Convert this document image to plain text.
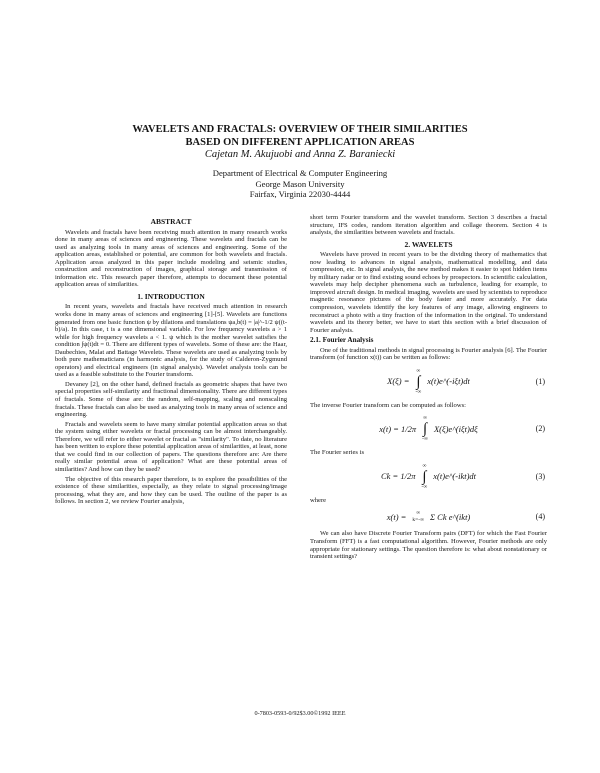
WAVELETS AND FRACTALS: OVERVIEW OF THEIR SIMILARITIES
BASED ON DIFFERENT APPLICATION AREAS
Cajetan M. Akujuobi and Anna Z. Baraniecki
Department of Electrical & Computer Engineering
George Mason University
Fairfax, Virginia 22030-4444
ABSTRACT

Wavelets and fractals have been receiving much attention in many research works done in many areas of sciences and engineering. These wavelets and fractals can be used as analyzing tools in many areas of sciences and engineering. Some of the application areas, established or potential, are common for both wavelets and fractals. Application areas analyzed in this paper include modeling and seismic studies, construction and reconstruction of images, graphical storage and transmission of information etc. This research paper therefore, attempts to document these potential application areas of similarities.

1. INTRODUCTION

In recent years, wavelets and fractals have received much attention in research works done in many areas of sciences and engineering [1]-[5]. Wavelets are functions generated from one basic function ψ by dilations and translations ψa,b(t) = |a|^-1/2 ψ((t-b)/a). In this case, t is a one dimensional variable. For low frequency wavelets a > 1 while for high frequency wavelets a < 1. ψ which is the mother wavelet satisfies the condition ∫ψ(t)dt = 0. There are different types of wavelets. Some of these are: the Haar, Daubechies, Malat and Battage Wavelets. These wavelets are used as analyzing tools by both pure mathematicians (in harmonic analysis, for the study of Calderon-Zygmund operators) and electrical engineers (in signal analysis). Wavelet analysis tools can be used as a feasible substitute to the Fourier transform.

Devaney [2], on the other hand, defined fractals as geometric shapes that have two special properties self-similarity and fractional dimensionality. There are different types of fractals. Some of these are: the random, self-mapping, scaling and nonscaling fractals. These fractals can also be used as analyzing tools in many areas of science and engineering.

Fractals and wavelets seem to have many similar potential application areas so that the system using either wavelets or fractal processing can be almost interchangeably. Therefore, we will refer to either wavelet or fractal as "similarity". To date, no literature has been written to explore these potential application areas of similarities, at least, none that we could find in our collection of papers. The questions therefore are: Are there really similar potential areas of application? What are these potential areas of similarities? And how can they be used?

The objective of this research paper therefore, is to explore the possibilities of the existence of these similarities, especially, as they relate to signal processing/image processing, what they are, and how they can be used. The outline of the paper is as follows. In section 2, we review Fourier analysis,

short term Fourier transform and the wavelet transform. Section 3 describes a fractal structure, IFS codes, random iteration algorithm and collage theorem. Section 4 is analysis, the similarities between wavelets and fractals.

2. WAVELETS

Wavelets have proved in recent years to be the dividing theory of mathematics that now leading to advances in signal analysis, mathematical modelling, and data compression, etc. In signal analysis, the new method makes it easier to spot hidden items by military radar or to find existing sound echoes by prospectors. In scientific calculation, wavelets may help decipher phenomena such as turbulence, leading for example, to improved aircraft design. In medical imaging, wavelets are used by scientists to reproduce magnetic resonance pictures of the body faster and more accurately. For data compression, wavelets identify the key features of any image, allowing engineers to reconstruct a photo with a tiny fraction of the information in the original. To understand wavelets and its theory better, we have to start this section with a brief discussion of Fourier analysis.

2.1. Fourier Analysis

One of the traditional methods in signal processing is Fourier analysis [6]. The Fourier transform (of function x(t)) can be written as follows:

X(ξ) =
∞
∫
-∞
x(t)e^(-iξt)dt	(1)

The inverse Fourier transform can be computed as follows:

x(t) = 1/2π
∞
∫
-∞
X(ξ)e^(iξt)dξ	(2)

The Fourier series is

Ck = 1/2π
∞
∫
-∞
x(t)e^(-ikt)dt	(3)

where

x(t) = ∞
k=-∞ Σ Ck e^(ikt)	(4)

We can also have Discrete Fourier Transform pairs (DFT) for which the Fast Fourier Transform (FFT) is a fast computational algorithm. However, Fourier methods are only appropriate for stationary settings. The question therefore is: what about nonstationary or transient settings?

0-7803-0593-0/92$3.00©1992 IEEE
